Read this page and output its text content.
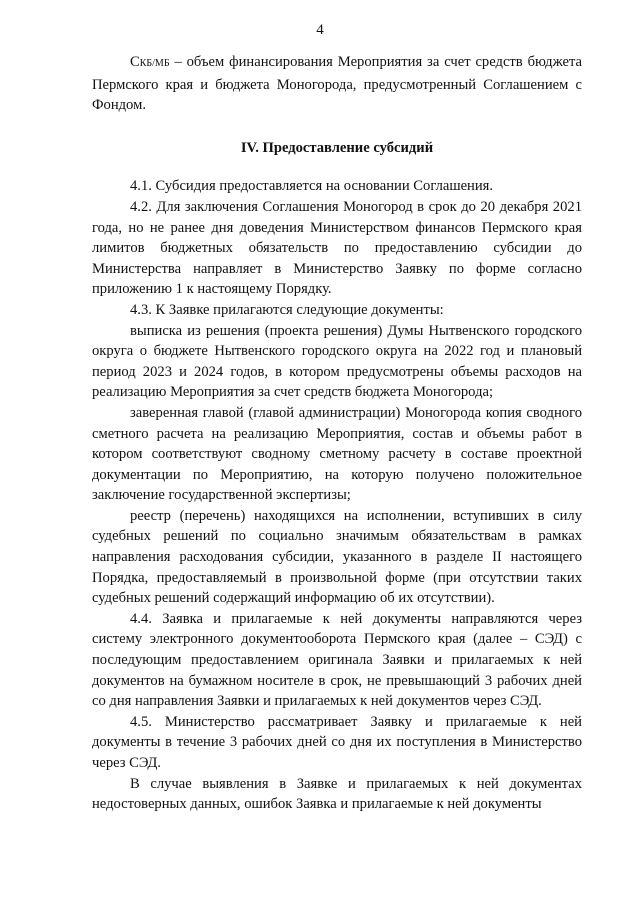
4

СКБ/МБ – объем финансирования Мероприятия за счет средств бюджета Пермского края и бюджета Моногорода, предусмотренный Соглашением с Фондом.

IV. Предоставление субсидий

4.1. Субсидия предоставляется на основании Соглашения.

4.2. Для заключения Соглашения Моногород в срок до 20 декабря 2021 года, но не ранее дня доведения Министерством финансов Пермского края лимитов бюджетных обязательств по предоставлению субсидии до Министерства направляет в Министерство Заявку по форме согласно приложению 1 к настоящему Порядку.

4.3. К Заявке прилагаются следующие документы:

выписка из решения (проекта решения) Думы Нытвенского городского округа о бюджете Нытвенского городского округа на 2022 год и плановый период 2023 и 2024 годов, в котором предусмотрены объемы расходов на реализацию Мероприятия за счет средств бюджета Моногорода;

заверенная главой (главой администрации) Моногорода копия сводного сметного расчета на реализацию Мероприятия, состав и объемы работ в котором соответствуют сводному сметному расчету в составе проектной документации по Мероприятию, на которую получено положительное заключение государственной экспертизы;

реестр (перечень) находящихся на исполнении, вступивших в силу судебных решений по социально значимым обязательствам в рамках направления расходования субсидии, указанного в разделе II настоящего Порядка, предоставляемый в произвольной форме (при отсутствии таких судебных решений содержащий информацию об их отсутствии).

4.4. Заявка и прилагаемые к ней документы направляются через систему электронного документооборота Пермского края (далее – СЭД) с последующим предоставлением оригинала Заявки и прилагаемых к ней документов на бумажном носителе в срок, не превышающий 3 рабочих дней со дня направления Заявки и прилагаемых к ней документов через СЭД.

4.5. Министерство рассматривает Заявку и прилагаемые к ней документы в течение 3 рабочих дней со дня их поступления в Министерство через СЭД.

В случае выявления в Заявке и прилагаемых к ней документах недостоверных данных, ошибок Заявка и прилагаемые к ней документы
